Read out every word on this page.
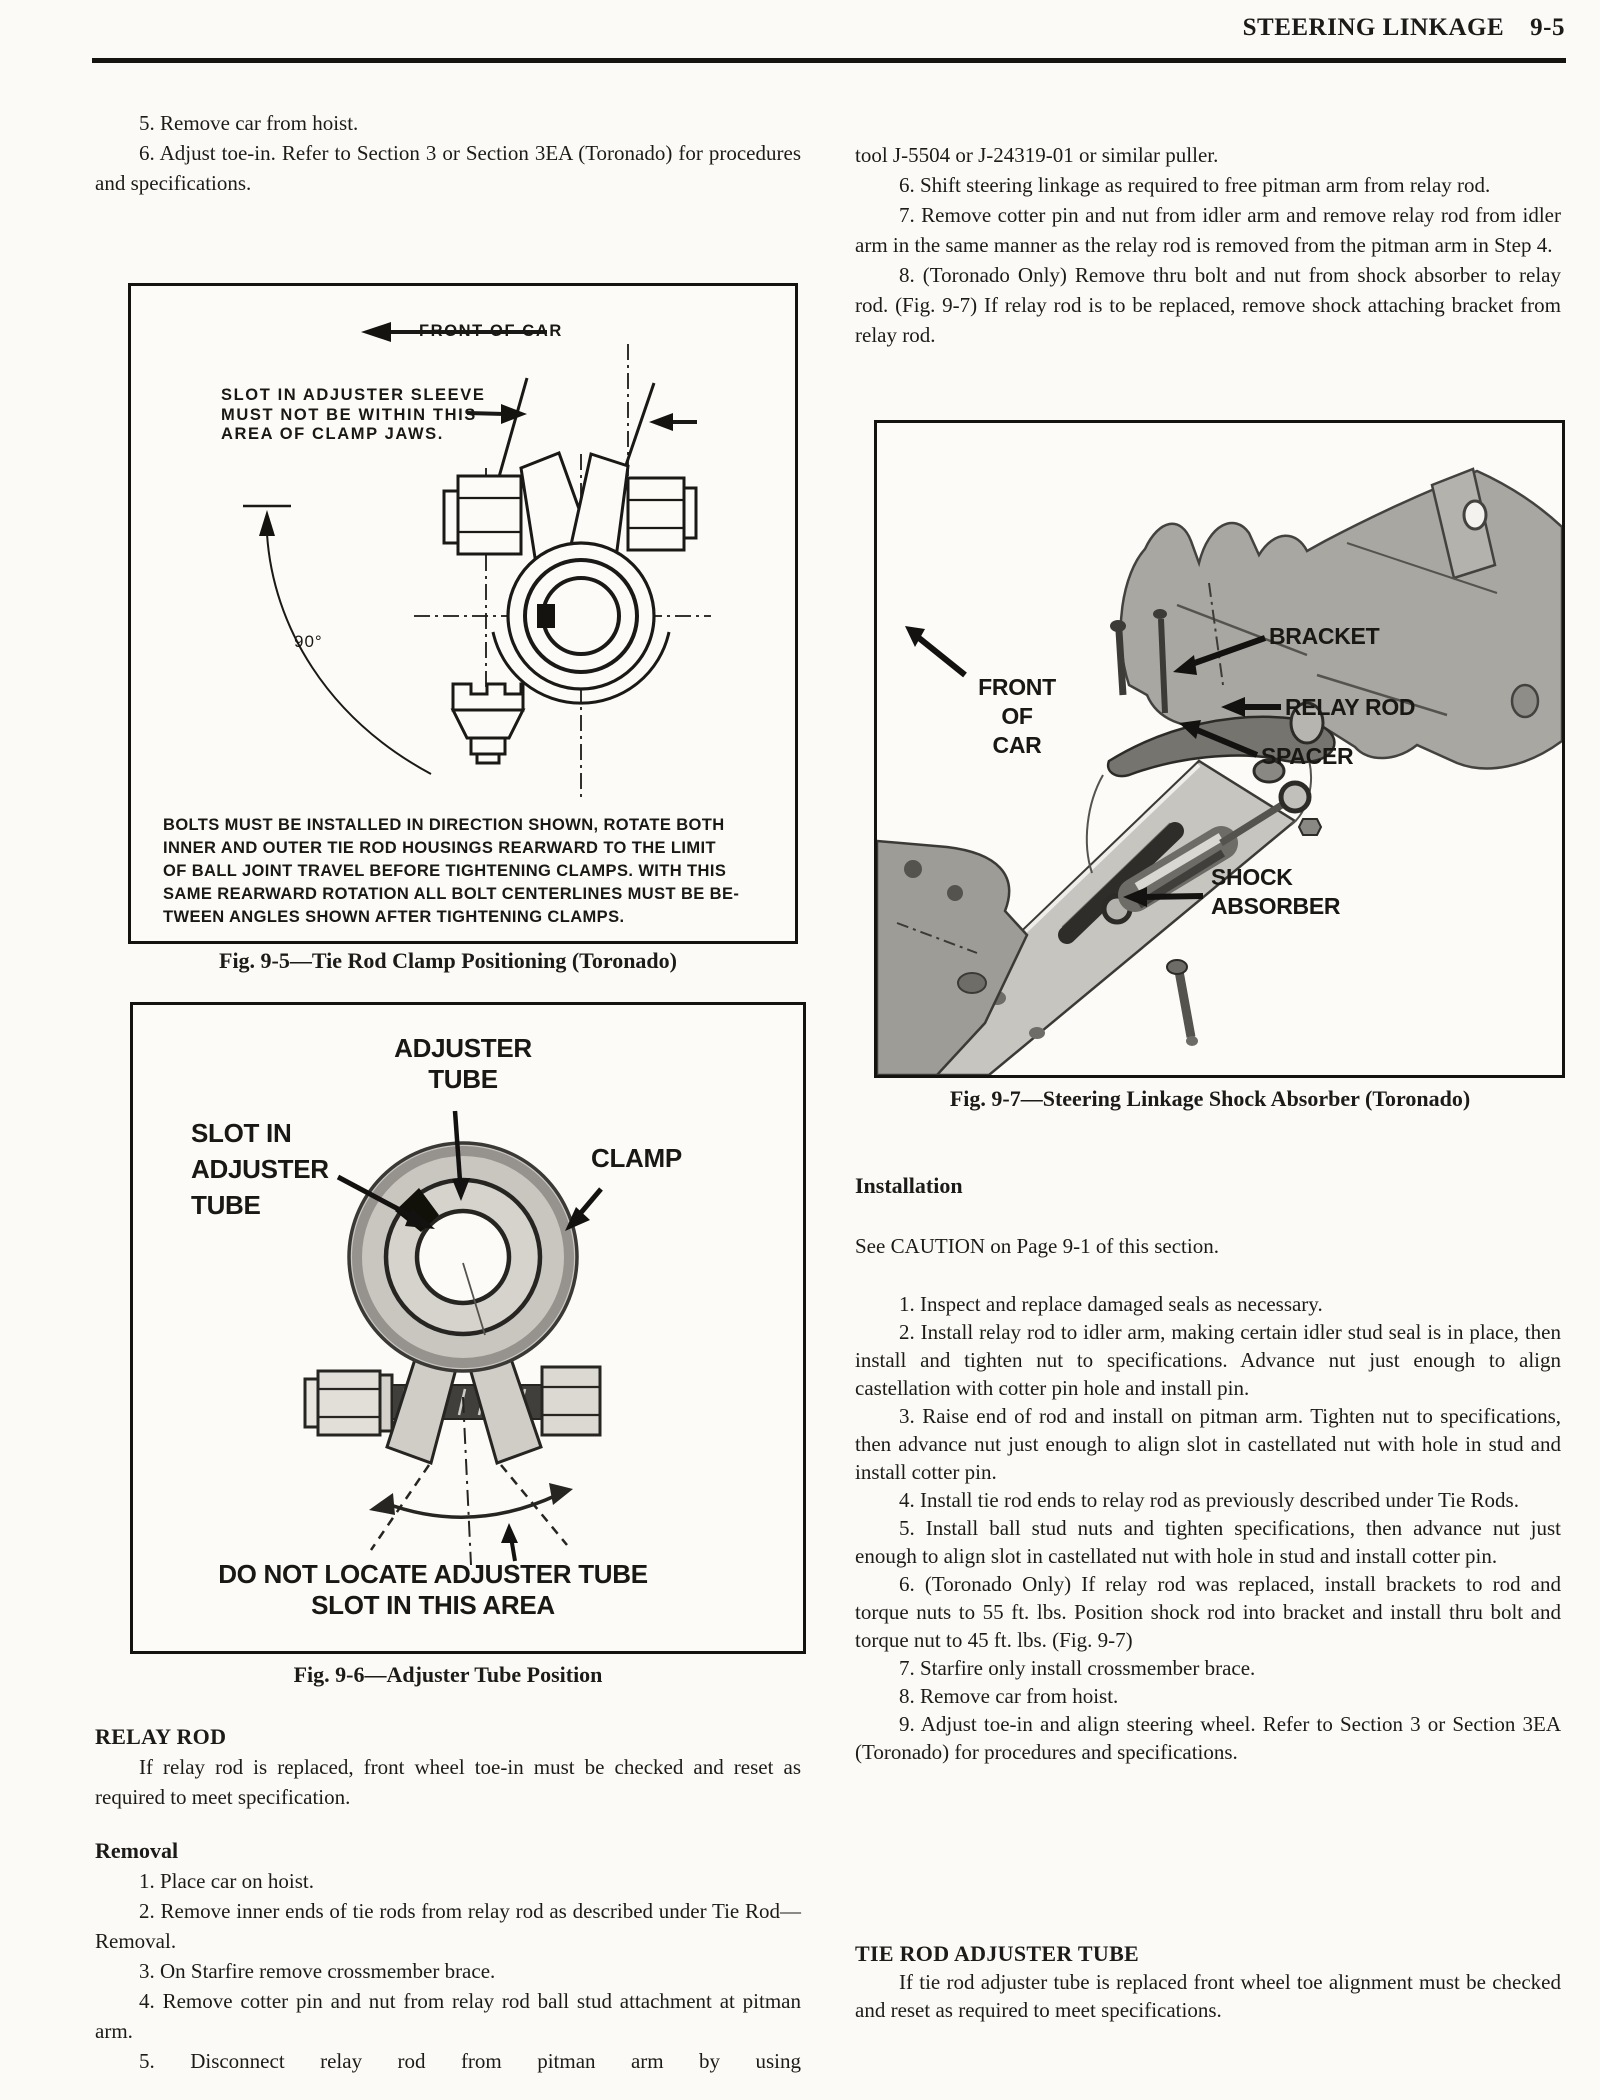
STEERING LINKAGE 9-5

5. Remove car from hoist.

6. Adjust toe-in. Refer to Section 3 or Section 3EA (Toronado) for procedures and specifications.

FRONT OF CAR
SLOT IN ADJUSTER SLEEVE
MUST NOT BE WITHIN THIS
AREA OF CLAMP JAWS.
90°
BOLTS MUST BE INSTALLED IN DIRECTION SHOWN, ROTATE BOTH
INNER AND OUTER TIE ROD HOUSINGS REARWARD TO THE LIMIT
OF BALL JOINT TRAVEL BEFORE TIGHTENING CLAMPS. WITH THIS
SAME REARWARD ROTATION ALL BOLT CENTERLINES MUST BE BE-
TWEEN ANGLES SHOWN AFTER TIGHTENING CLAMPS.
Fig. 9-5—Tie Rod Clamp Positioning (Toronado)
ADJUSTER
TUBE
SLOT IN
ADJUSTER
TUBE
CLAMP
DO NOT LOCATE ADJUSTER TUBE
SLOT IN THIS AREA
Fig. 9-6—Adjuster Tube Position
RELAY ROD

If relay rod is replaced, front wheel toe-in must be checked and reset as required to meet specification.

Removal

1. Place car on hoist.

2. Remove inner ends of tie rods from relay rod as described under Tie Rod—Removal.

3. On Starfire remove crossmember brace.

4. Remove cotter pin and nut from relay rod ball stud attachment at pitman arm.

5. Disconnect relay rod from pitman arm by using

tool J-5504 or J-24319-01 or similar puller.

6. Shift steering linkage as required to free pitman arm from relay rod.

7. Remove cotter pin and nut from idler arm and remove relay rod from idler arm in the same manner as the relay rod is removed from the pitman arm in Step 4.

8. (Toronado Only) Remove thru bolt and nut from shock absorber to relay rod. (Fig. 9-7) If relay rod is to be replaced, remove shock attaching bracket from relay rod.

BRACKET
FRONT OF
CAR
RELAY ROD
SPACER
SHOCK
ABSORBER
Fig. 9-7—Steering Linkage Shock Absorber (Toronado)
Installation

See CAUTION on Page 9-1 of this section.

1. Inspect and replace damaged seals as necessary.

2. Install relay rod to idler arm, making certain idler stud seal is in place, then install and tighten nut to specifications. Advance nut just enough to align castellation with cotter pin hole and install pin.

3. Raise end of rod and install on pitman arm. Tighten nut to specifications, then advance nut just enough to align slot in castellated nut with hole in stud and install cotter pin.

4. Install tie rod ends to relay rod as previously described under Tie Rods.

5. Install ball stud nuts and tighten specifications, then advance nut just enough to align slot in castellated nut with hole in stud and install cotter pin.

6. (Toronado Only) If relay rod was replaced, install brackets to rod and torque nuts to 55 ft. lbs. Position shock rod into bracket and install thru bolt and torque nut to 45 ft. lbs. (Fig. 9-7)

7. Starfire only install crossmember brace.

8. Remove car from hoist.

9. Adjust toe-in and align steering wheel. Refer to Section 3 or Section 3EA (Toronado) for procedures and specifications.

TIE ROD ADJUSTER TUBE

If tie rod adjuster tube is replaced front wheel toe alignment must be checked and reset as required to meet specifications.
